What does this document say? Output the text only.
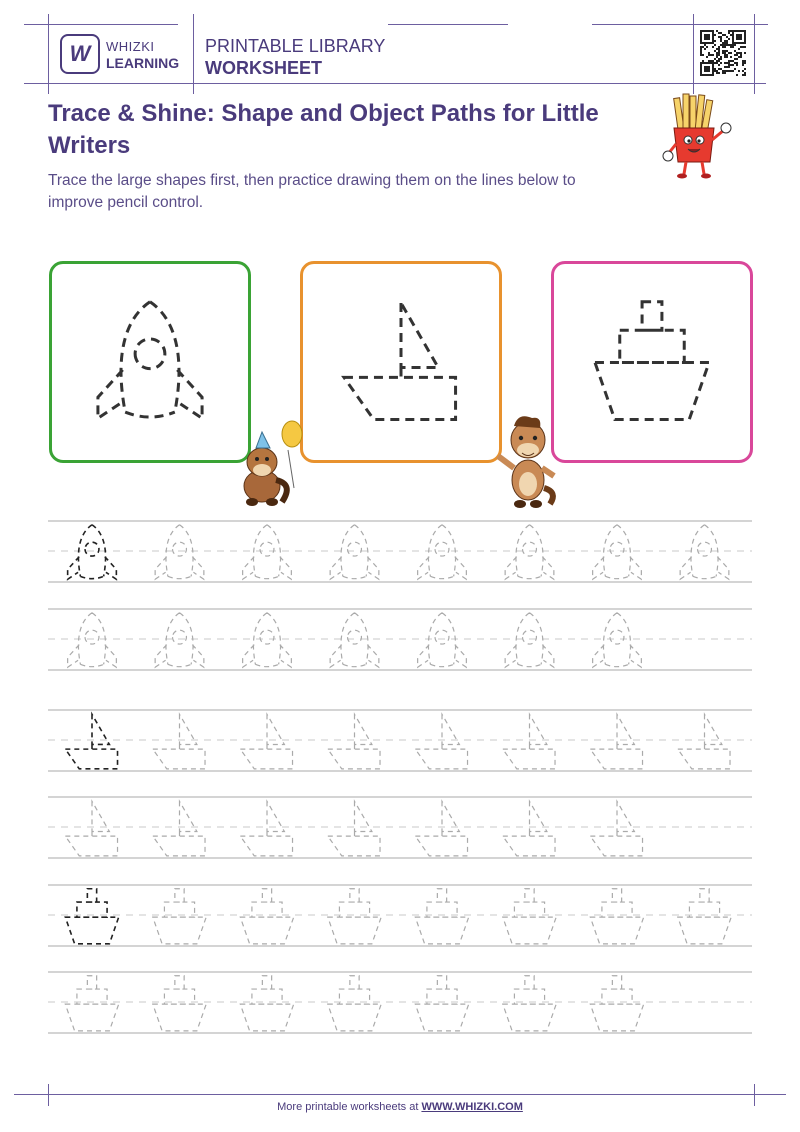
W WHIZKI
LEARNING
PRINTABLE LIBRARY
WORKSHEET
Trace & Shine: Shape and Object Paths for Little Writers
Trace the large shapes first, then practice drawing them on the lines below to improve pencil control.
More printable worksheets at WWW.WHIZKI.COM
